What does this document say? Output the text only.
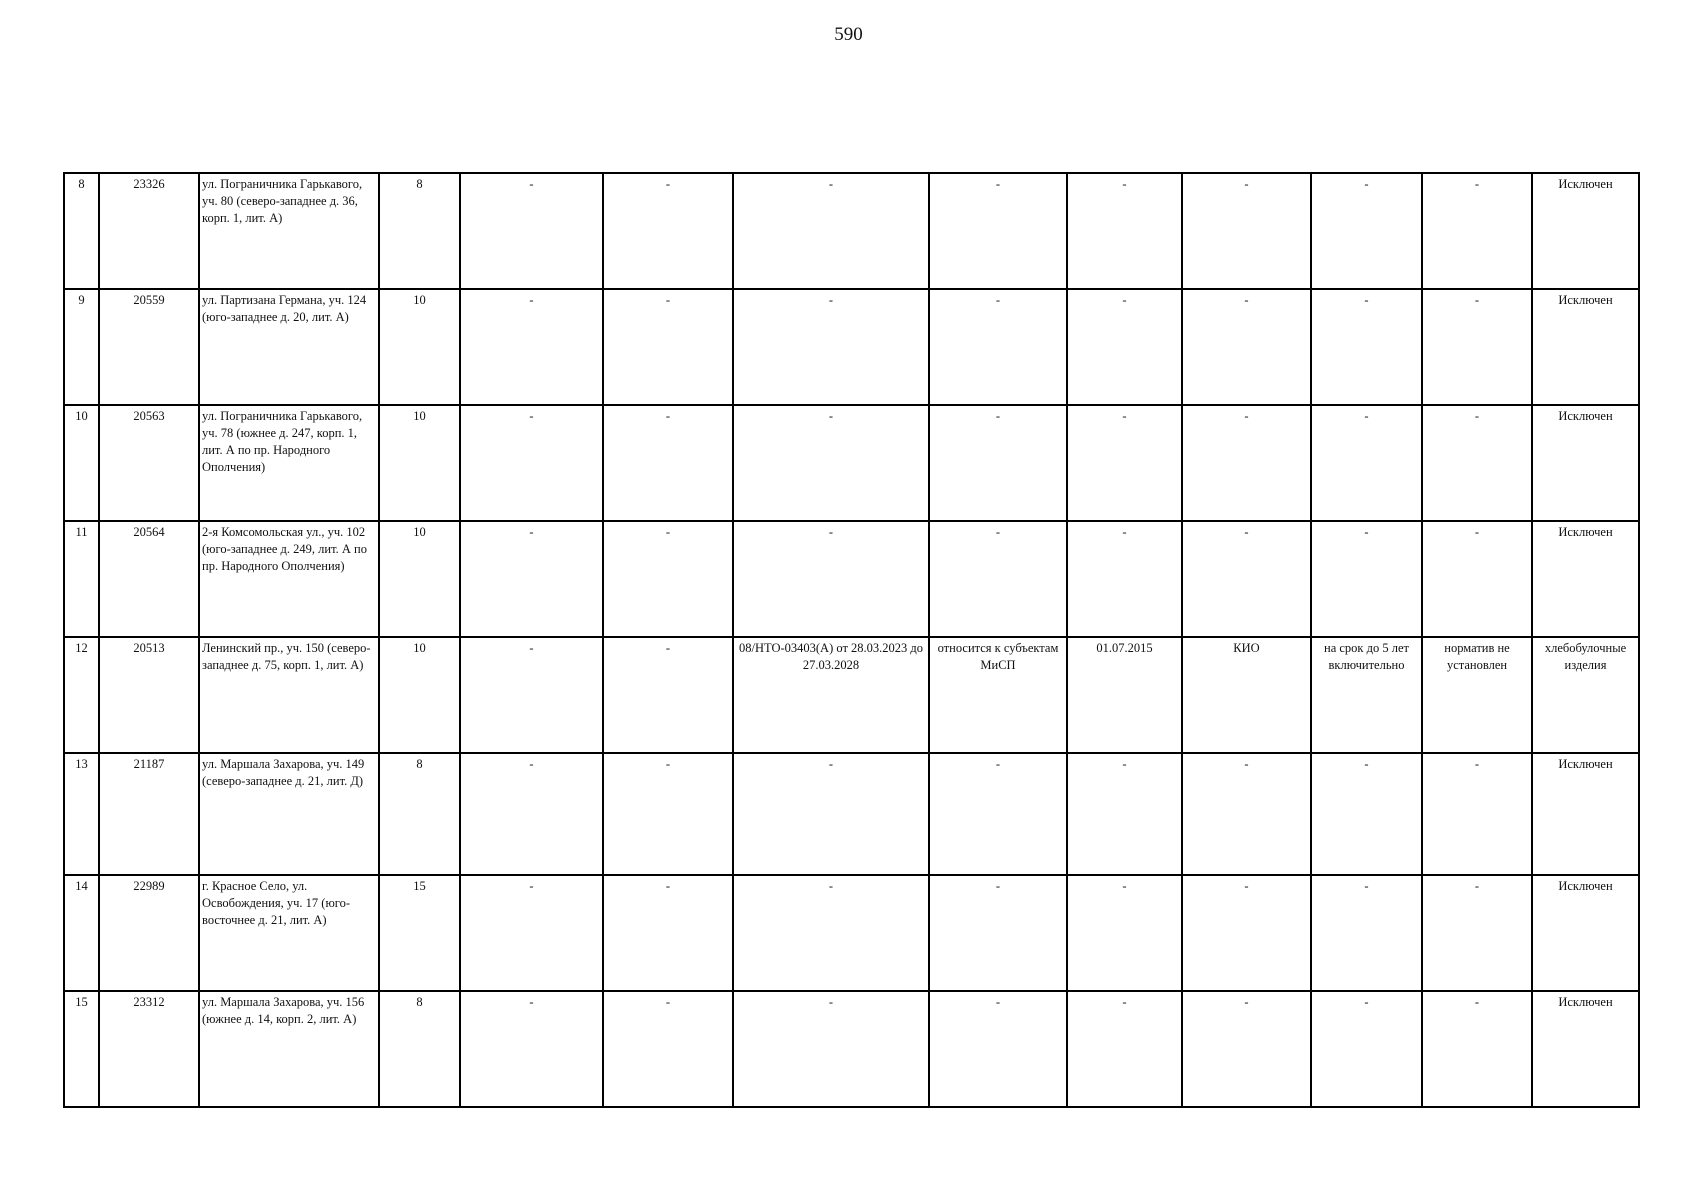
590
8	23326	ул. Пограничника Гарькавого, уч. 80 (северо-западнее д. 36, корп. 1, лит. А)	8	-	-	-	-	-	-	-	-	Исключен
9	20559	ул. Партизана Германа, уч. 124 (юго-западнее д. 20, лит. А)	10	-	-	-	-	-	-	-	-	Исключен
10	20563	ул. Пограничника Гарькавого, уч. 78 (южнее д. 247, корп. 1, лит. А по пр. Народного Ополчения)	10	-	-	-	-	-	-	-	-	Исключен
11	20564	2-я Комсомольская ул., уч. 102 (юго-западнее д. 249, лит. А по пр. Народного Ополчения)	10	-	-	-	-	-	-	-	-	Исключен
12	20513	Ленинский пр., уч. 150 (северо-западнее д. 75, корп. 1, лит. А)	10	-	-	08/НТО-03403(А) от 28.03.2023 до 27.03.2028	относится к субъектам МиСП	01.07.2015	КИО	на срок до 5 лет включительно	норматив не установлен	хлебобулочные изделия
13	21187	ул. Маршала Захарова, уч. 149 (северо-западнее д. 21, лит. Д)	8	-	-	-	-	-	-	-	-	Исключен
14	22989	г. Красное Село, ул. Освобождения, уч. 17 (юго-восточнее д. 21, лит. А)	15	-	-	-	-	-	-	-	-	Исключен
15	23312	ул. Маршала Захарова, уч. 156 (южнее д. 14, корп. 2, лит. А)	8	-	-	-	-	-	-	-	-	Исключен
